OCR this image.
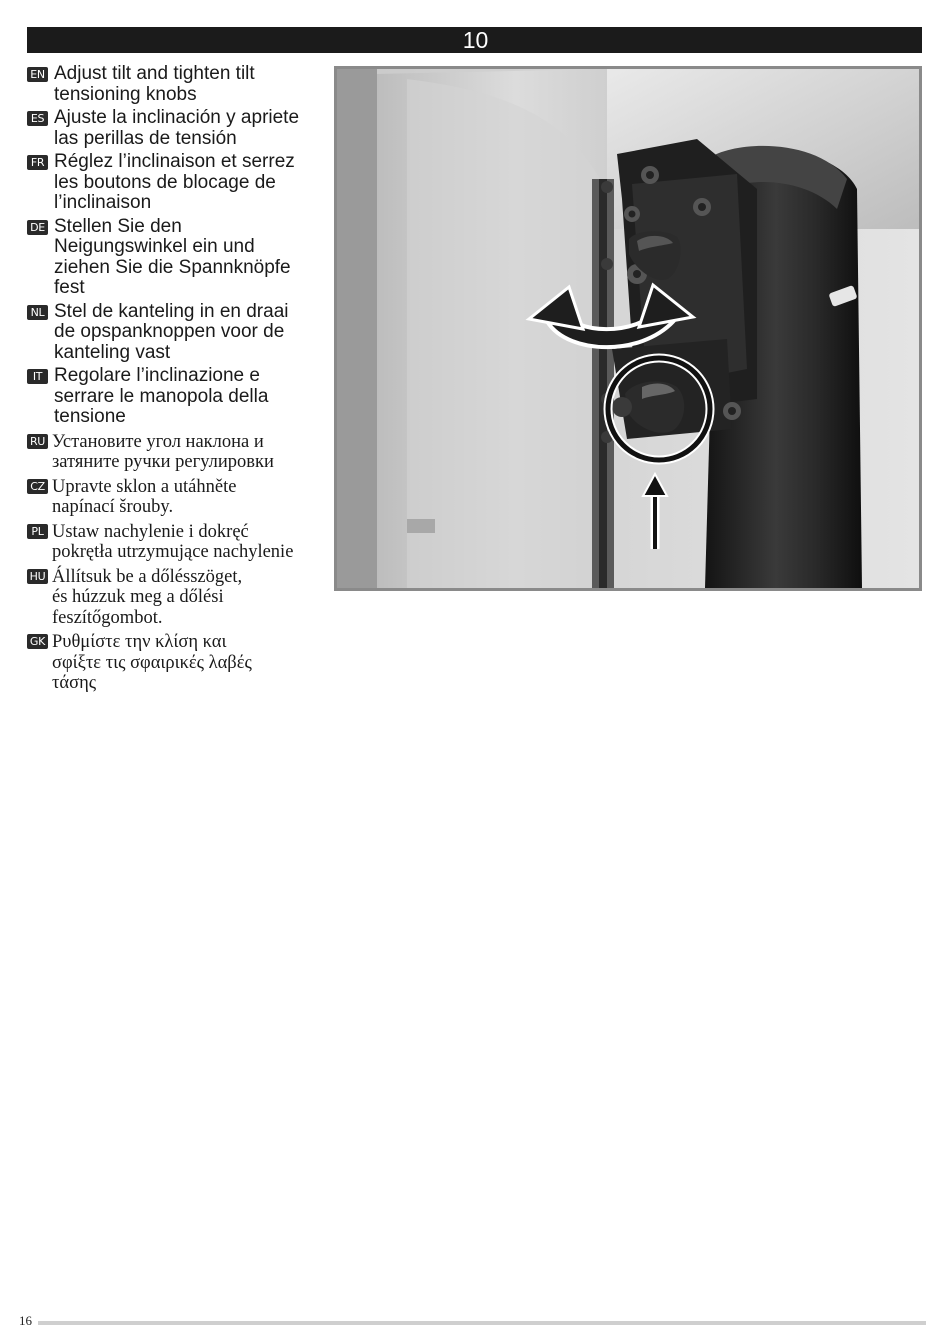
10
EN Adjust tilt and tighten tilt
tensioning knobs
ES Ajuste la inclinación y apriete
las perillas de tensión
FR Réglez l’inclinaison et serrez
les boutons de blocage de
l’inclinaison
DE Stellen Sie den
Neigungswinkel ein und
ziehen Sie die Spannknöpfe
fest
NL Stel de kanteling in en draai
de opspanknoppen voor de
kanteling vast
IT Regolare l’inclinazione e
serrare le manopola della
tensione
RU Установите угол наклона и
затяните ручки регулировки
CZ Upravte sklon a utáhněte
napínací šrouby.
PL Ustaw nachylenie i dokręć
pokrętła utrzymujące nachylenie
HU Állítsuk be a dőlésszöget,
és húzzuk meg a dőlési
feszítőgombot.
GK Ρυθμίστε την κλίση και
σφίξτε τις σφαιρικές λαβές
τάσης
16
